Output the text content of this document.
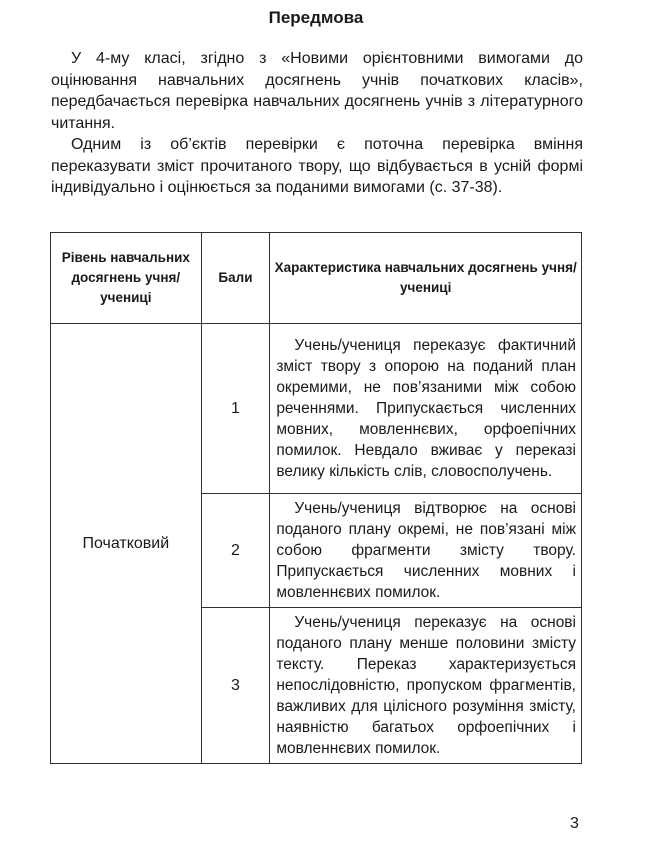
Передмова

У 4-му класі, згідно з «Новими орієнтовними вимогами до оцінювання навчальних досягнень учнів початкових класів», передбачається перевірка навчальних досягнень учнів з літературного читання.

Одним із об’єктів перевірки є поточна перевірка вміння переказувати зміст прочитаного твору, що відбувається в усній формі індивідуально і оцінюється за поданими вимогами (с. 37-38).

Рівень навчальних досягнень учня/учениці	Бали	Характеристика навчальних досягнень учня/учениці
Початковий	1	Учень/учениця переказує фактичний зміст твору з опорою на поданий план окремими, не пов’язаними між собою реченнями. Припускається численних мовних, мовленнєвих, орфоепічних помилок. Невдало вживає у переказі велику кількість слів, словосполучень.
	2	Учень/учениця відтворює на основі поданого плану окремі, не пов’язані між собою фрагменти змісту твору. Припускається численних мовних і мовленнєвих помилок.
	3	Учень/учениця переказує на основі поданого плану менше половини змісту тексту. Переказ характеризується непослідовністю, пропуском фрагментів, важливих для цілісного розуміння змісту, наявністю багатьох орфоепічних і мовленнєвих помилок.
3
